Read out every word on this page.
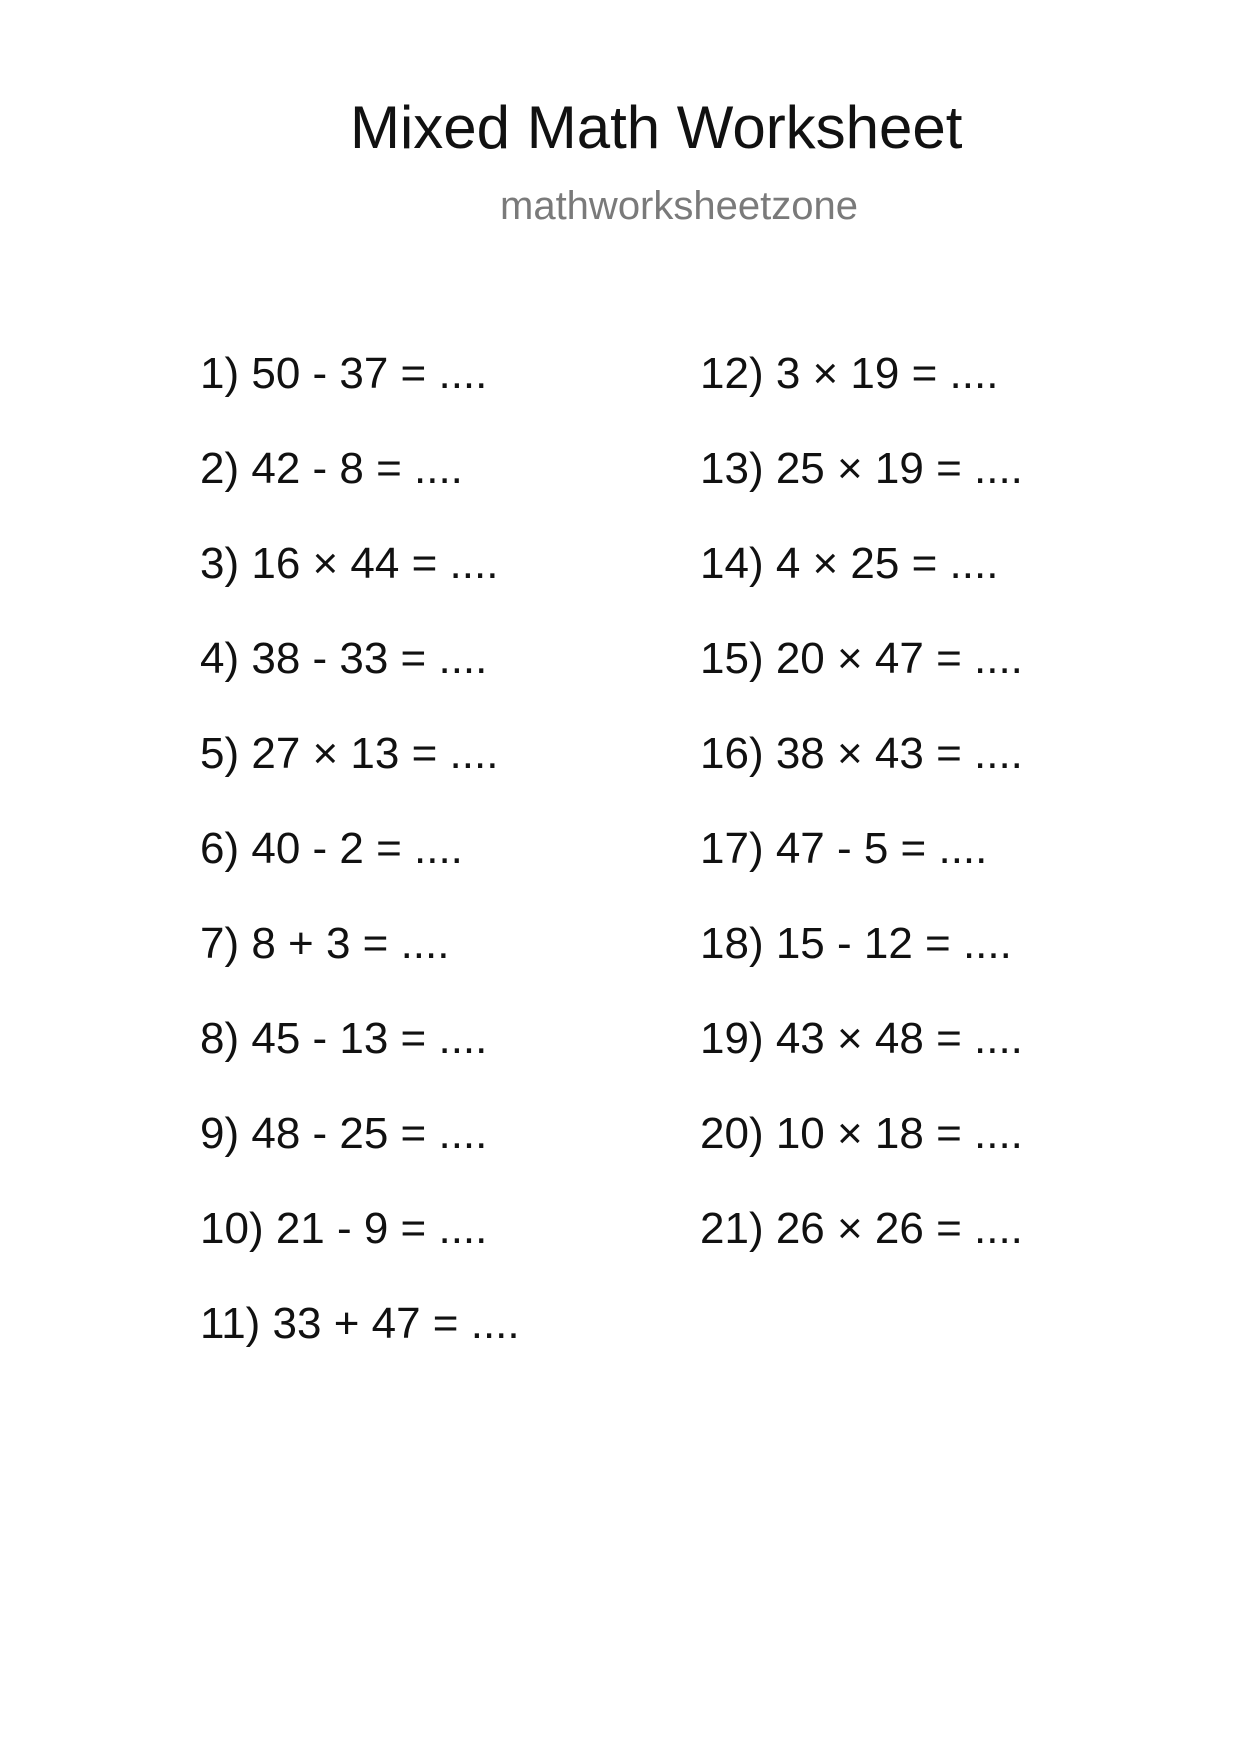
Mixed Math Worksheet
mathworksheetzone
1) 50 - 37 = ....
2) 42 - 8 = ....
3) 16 × 44 = ....
4) 38 - 33 = ....
5) 27 × 13 = ....
6) 40 - 2 = ....
7) 8 + 3 = ....
8) 45 - 13 = ....
9) 48 - 25 = ....
10) 21 - 9 = ....
11) 33 + 47 = ....
12) 3 × 19 = ....
13) 25 × 19 = ....
14) 4 × 25 = ....
15) 20 × 47 = ....
16) 38 × 43 = ....
17) 47 - 5 = ....
18) 15 - 12 = ....
19) 43 × 48 = ....
20) 10 × 18 = ....
21) 26 × 26 = ....
